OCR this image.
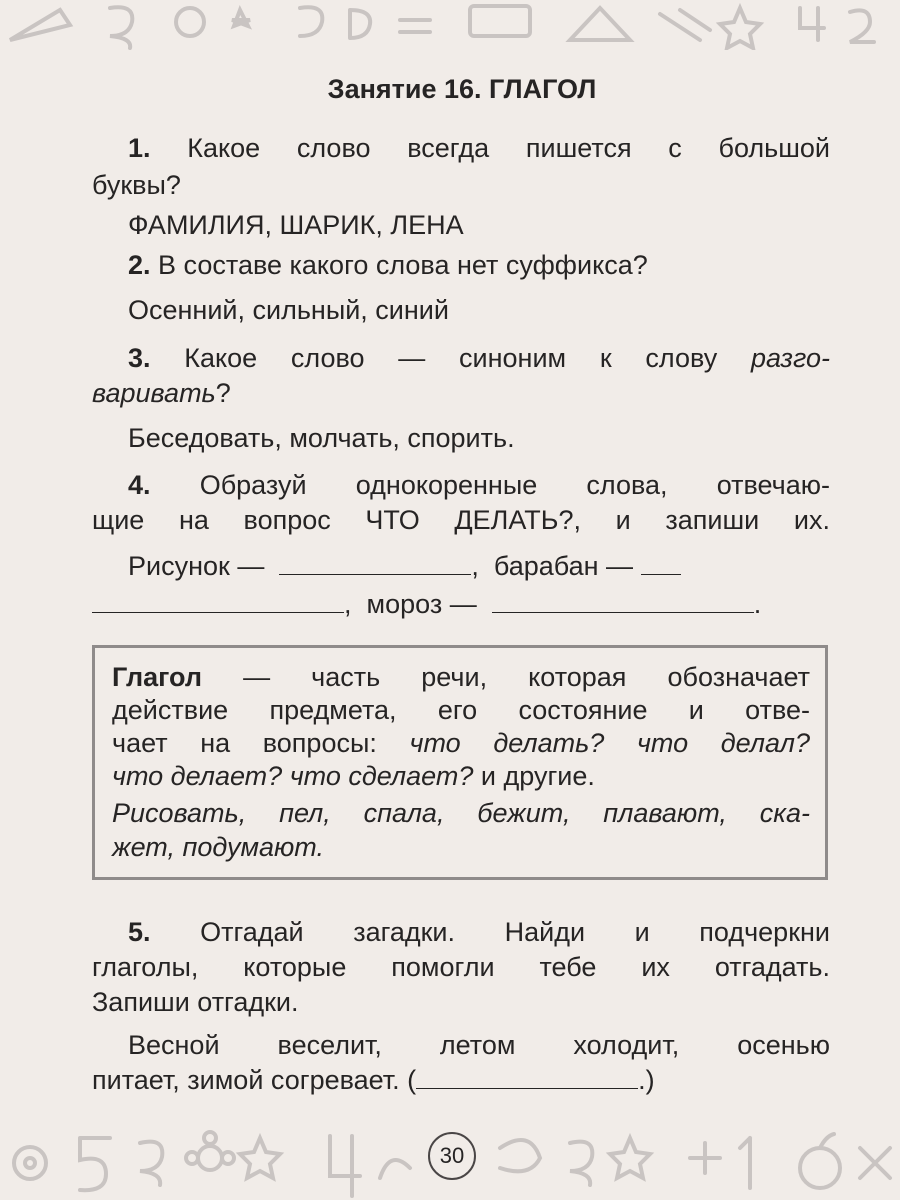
Занятие 16. ГЛАГОЛ
1. Какое слово всегда пишется с большой
буквы?
ФАМИЛИЯ, ШАРИК, ЛЕНА
2. В составе какого слова нет суффикса?
Осенний, сильный, синий
3. Какое слово — синоним к слову разго-
варивать?
Беседовать, молчать, спорить.
4. Образуй однокоренные слова, отвечаю-
щие на вопрос ЧТО ДЕЛАТЬ?, и запиши их.
Рисунок —	, барабан —
, мороз —	.
Глагол — часть речи, которая обозначает
действие предмета, его состояние и отве-
чает на вопросы: что делать? что делал?
что делает? что сделает? и другие.
Рисовать, пел, спала, бежит, плавают, ска-
жет, подумают.
5. Отгадай загадки. Найди и подчеркни
глаголы, которые помогли тебе их отгадать.
Запиши отгадки.
Весной веселит, летом холодит, осенью
питает, зимой согревает. (	.)
30
